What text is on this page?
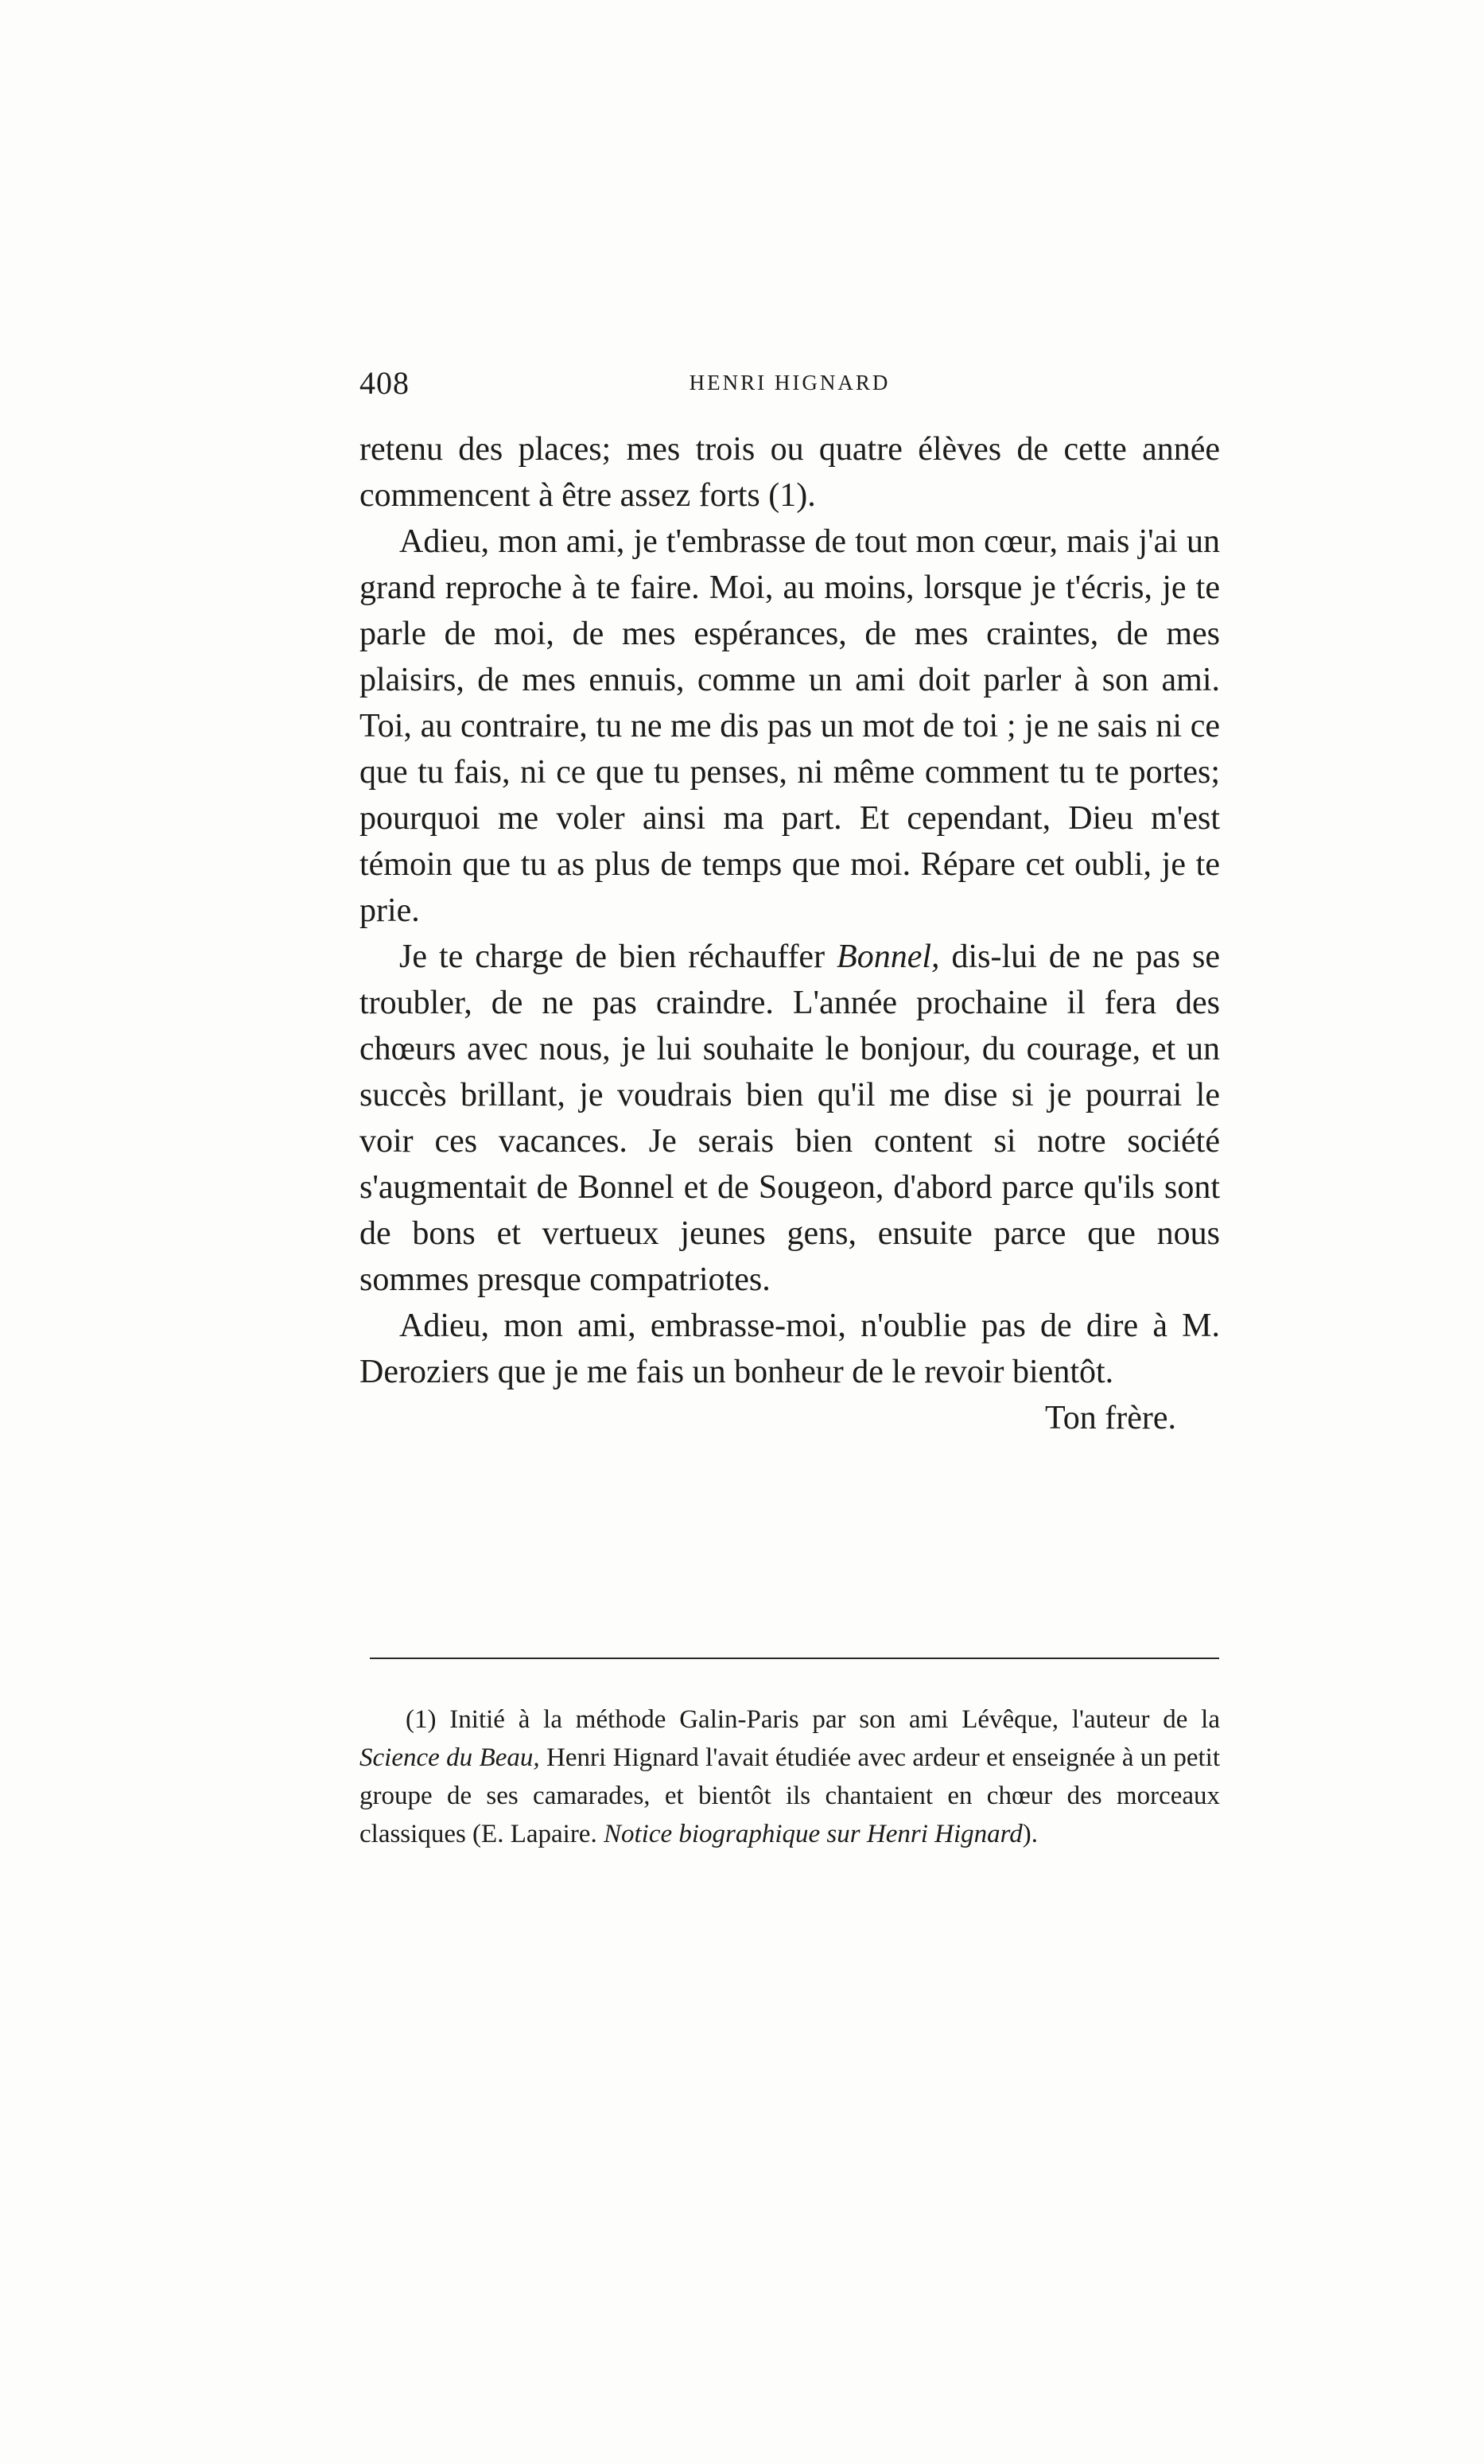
408	HENRI HIGNARD

retenu des places; mes trois ou quatre élèves de cette année commencent à être assez forts (1).

Adieu, mon ami, je t'embrasse de tout mon cœur, mais j'ai un grand reproche à te faire. Moi, au moins, lorsque je t'écris, je te parle de moi, de mes espérances, de mes craintes, de mes plaisirs, de mes ennuis, comme un ami doit parler à son ami. Toi, au contraire, tu ne me dis pas un mot de toi ; je ne sais ni ce que tu fais, ni ce que tu penses, ni même comment tu te portes; pourquoi me voler ainsi ma part. Et cependant, Dieu m'est témoin que tu as plus de temps que moi. Répare cet oubli, je te prie.

Je te charge de bien réchauffer Bonnel, dis-lui de ne pas se troubler, de ne pas craindre. L'année prochaine il fera des chœurs avec nous, je lui souhaite le bonjour, du courage, et un succès brillant, je voudrais bien qu'il me dise si je pourrai le voir ces vacances. Je serais bien content si notre société s'augmentait de Bonnel et de Sougeon, d'abord parce qu'ils sont de bons et vertueux jeunes gens, ensuite parce que nous sommes presque compatriotes.

Adieu, mon ami, embrasse-moi, n'oublie pas de dire à M. Deroziers que je me fais un bonheur de le revoir bientôt.

Ton frère.

(1) Initié à la méthode Galin-Paris par son ami Lévêque, l'auteur de la Science du Beau, Henri Hignard l'avait étudiée avec ardeur et enseignée à un petit groupe de ses camarades, et bientôt ils chantaient en chœur des morceaux classiques (E. Lapaire. Notice biographique sur Henri Hignard).
